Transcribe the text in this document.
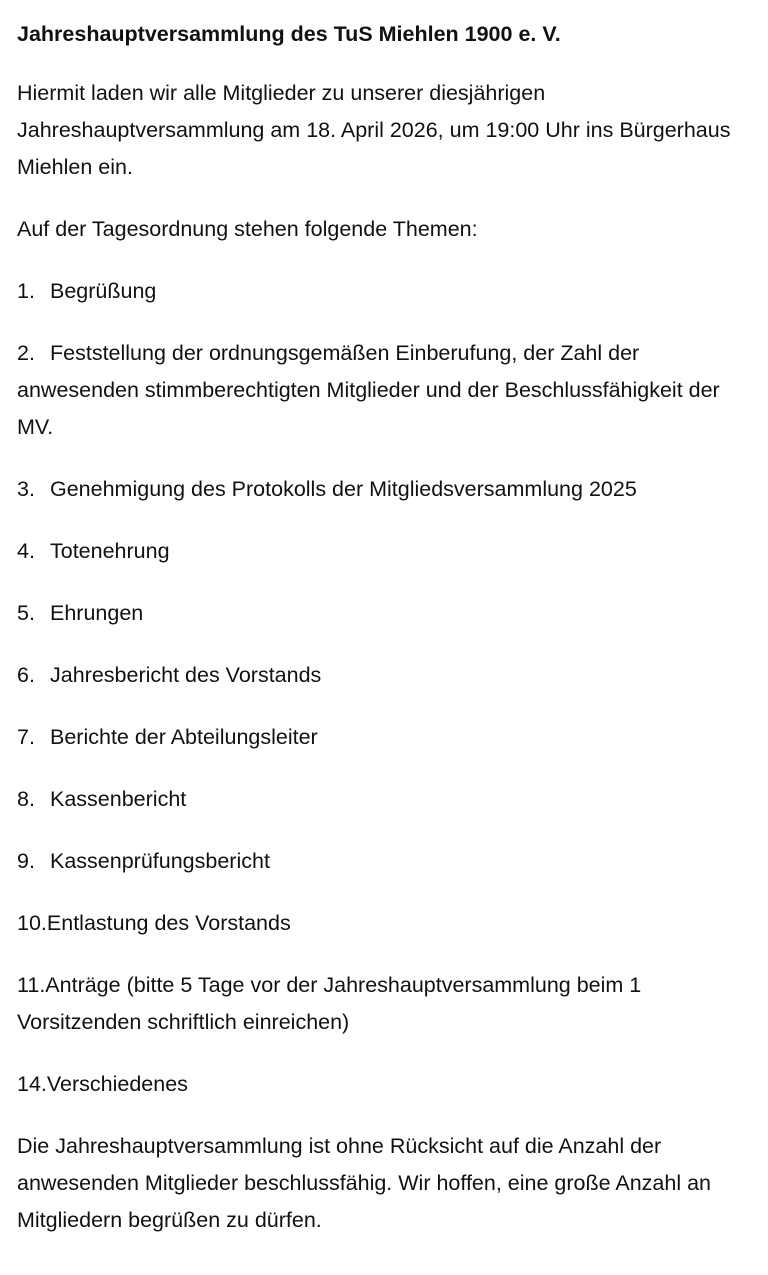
Jahreshauptversammlung des TuS Miehlen 1900 e. V.
Hiermit laden wir alle Mitglieder zu unserer diesjährigen Jahreshauptversammlung am 18. April 2026, um 19:00 Uhr ins Bürgerhaus Miehlen ein.
Auf der Tagesordnung stehen folgende Themen:
1. Begrüßung
2. Feststellung der ordnungsgemäßen Einberufung, der Zahl der anwesenden stimmberechtigten Mitglieder und der Beschlussfähigkeit der MV.
3. Genehmigung des Protokolls der Mitgliedsversammlung 2025
4. Totenehrung
5. Ehrungen
6. Jahresbericht des Vorstands
7. Berichte der Abteilungsleiter
8. Kassenbericht
9. Kassenprüfungsbericht
10. Entlastung des Vorstands
11.Anträge (bitte 5 Tage vor der Jahreshauptversammlung beim 1 Vorsitzenden schriftlich einreichen)
14. Verschiedenes
Die Jahreshauptversammlung ist ohne Rücksicht auf die Anzahl der anwesenden Mitglieder beschlussfähig. Wir hoffen, eine große Anzahl an Mitgliedern begrüßen zu dürfen.
